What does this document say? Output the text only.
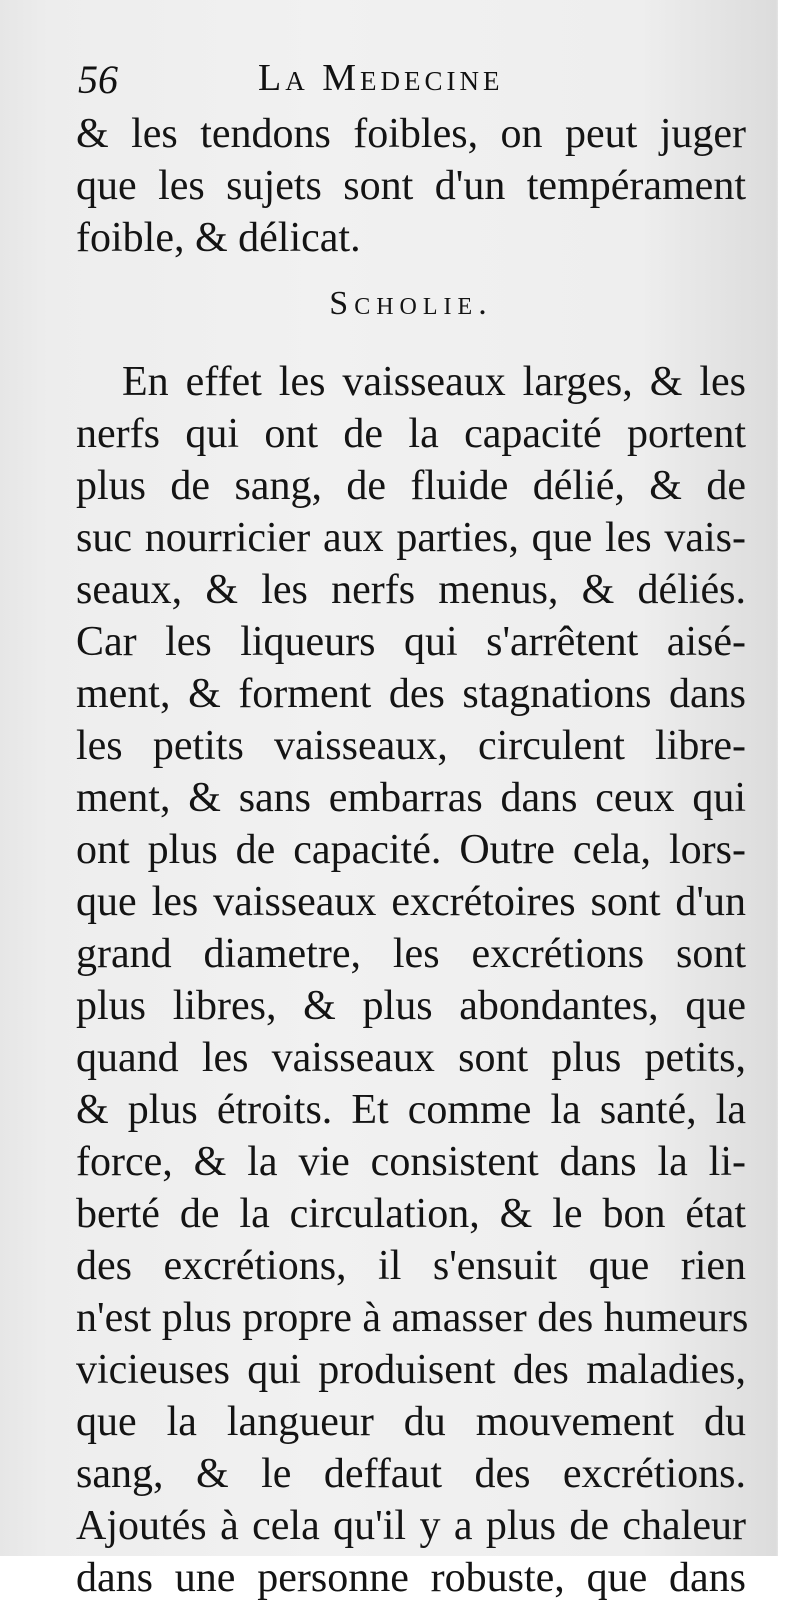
56	La Medecine
& les tendons foibles, on peut juger
que les sujets sont d'un tempérament
foible, & délicat.
Scholie.
En effet les vaisseaux larges, & les
nerfs qui ont de la capacité portent
plus de sang, de fluide délié, & de
suc nourricier aux parties, que les vais-
seaux, & les nerfs menus, & déliés.
Car les liqueurs qui s'arrêtent aisé-
ment, & forment des stagnations dans
les petits vaisseaux, circulent libre-
ment, & sans embarras dans ceux qui
ont plus de capacité. Outre cela, lors-
que les vaisseaux excrétoires sont d'un
grand diametre, les excrétions sont
plus libres, & plus abondantes, que
quand les vaisseaux sont plus petits,
& plus étroits. Et comme la santé, la
force, & la vie consistent dans la li-
berté de la circulation, & le bon état
des excrétions, il s'ensuit que rien
n'est plus propre à amasser des humeurs
vicieuses qui produisent des maladies,
que la langueur du mouvement du
sang, & le deffaut des excrétions.
Ajoutés à cela qu'il y a plus de chaleur
dans une personne robuste, que dans
